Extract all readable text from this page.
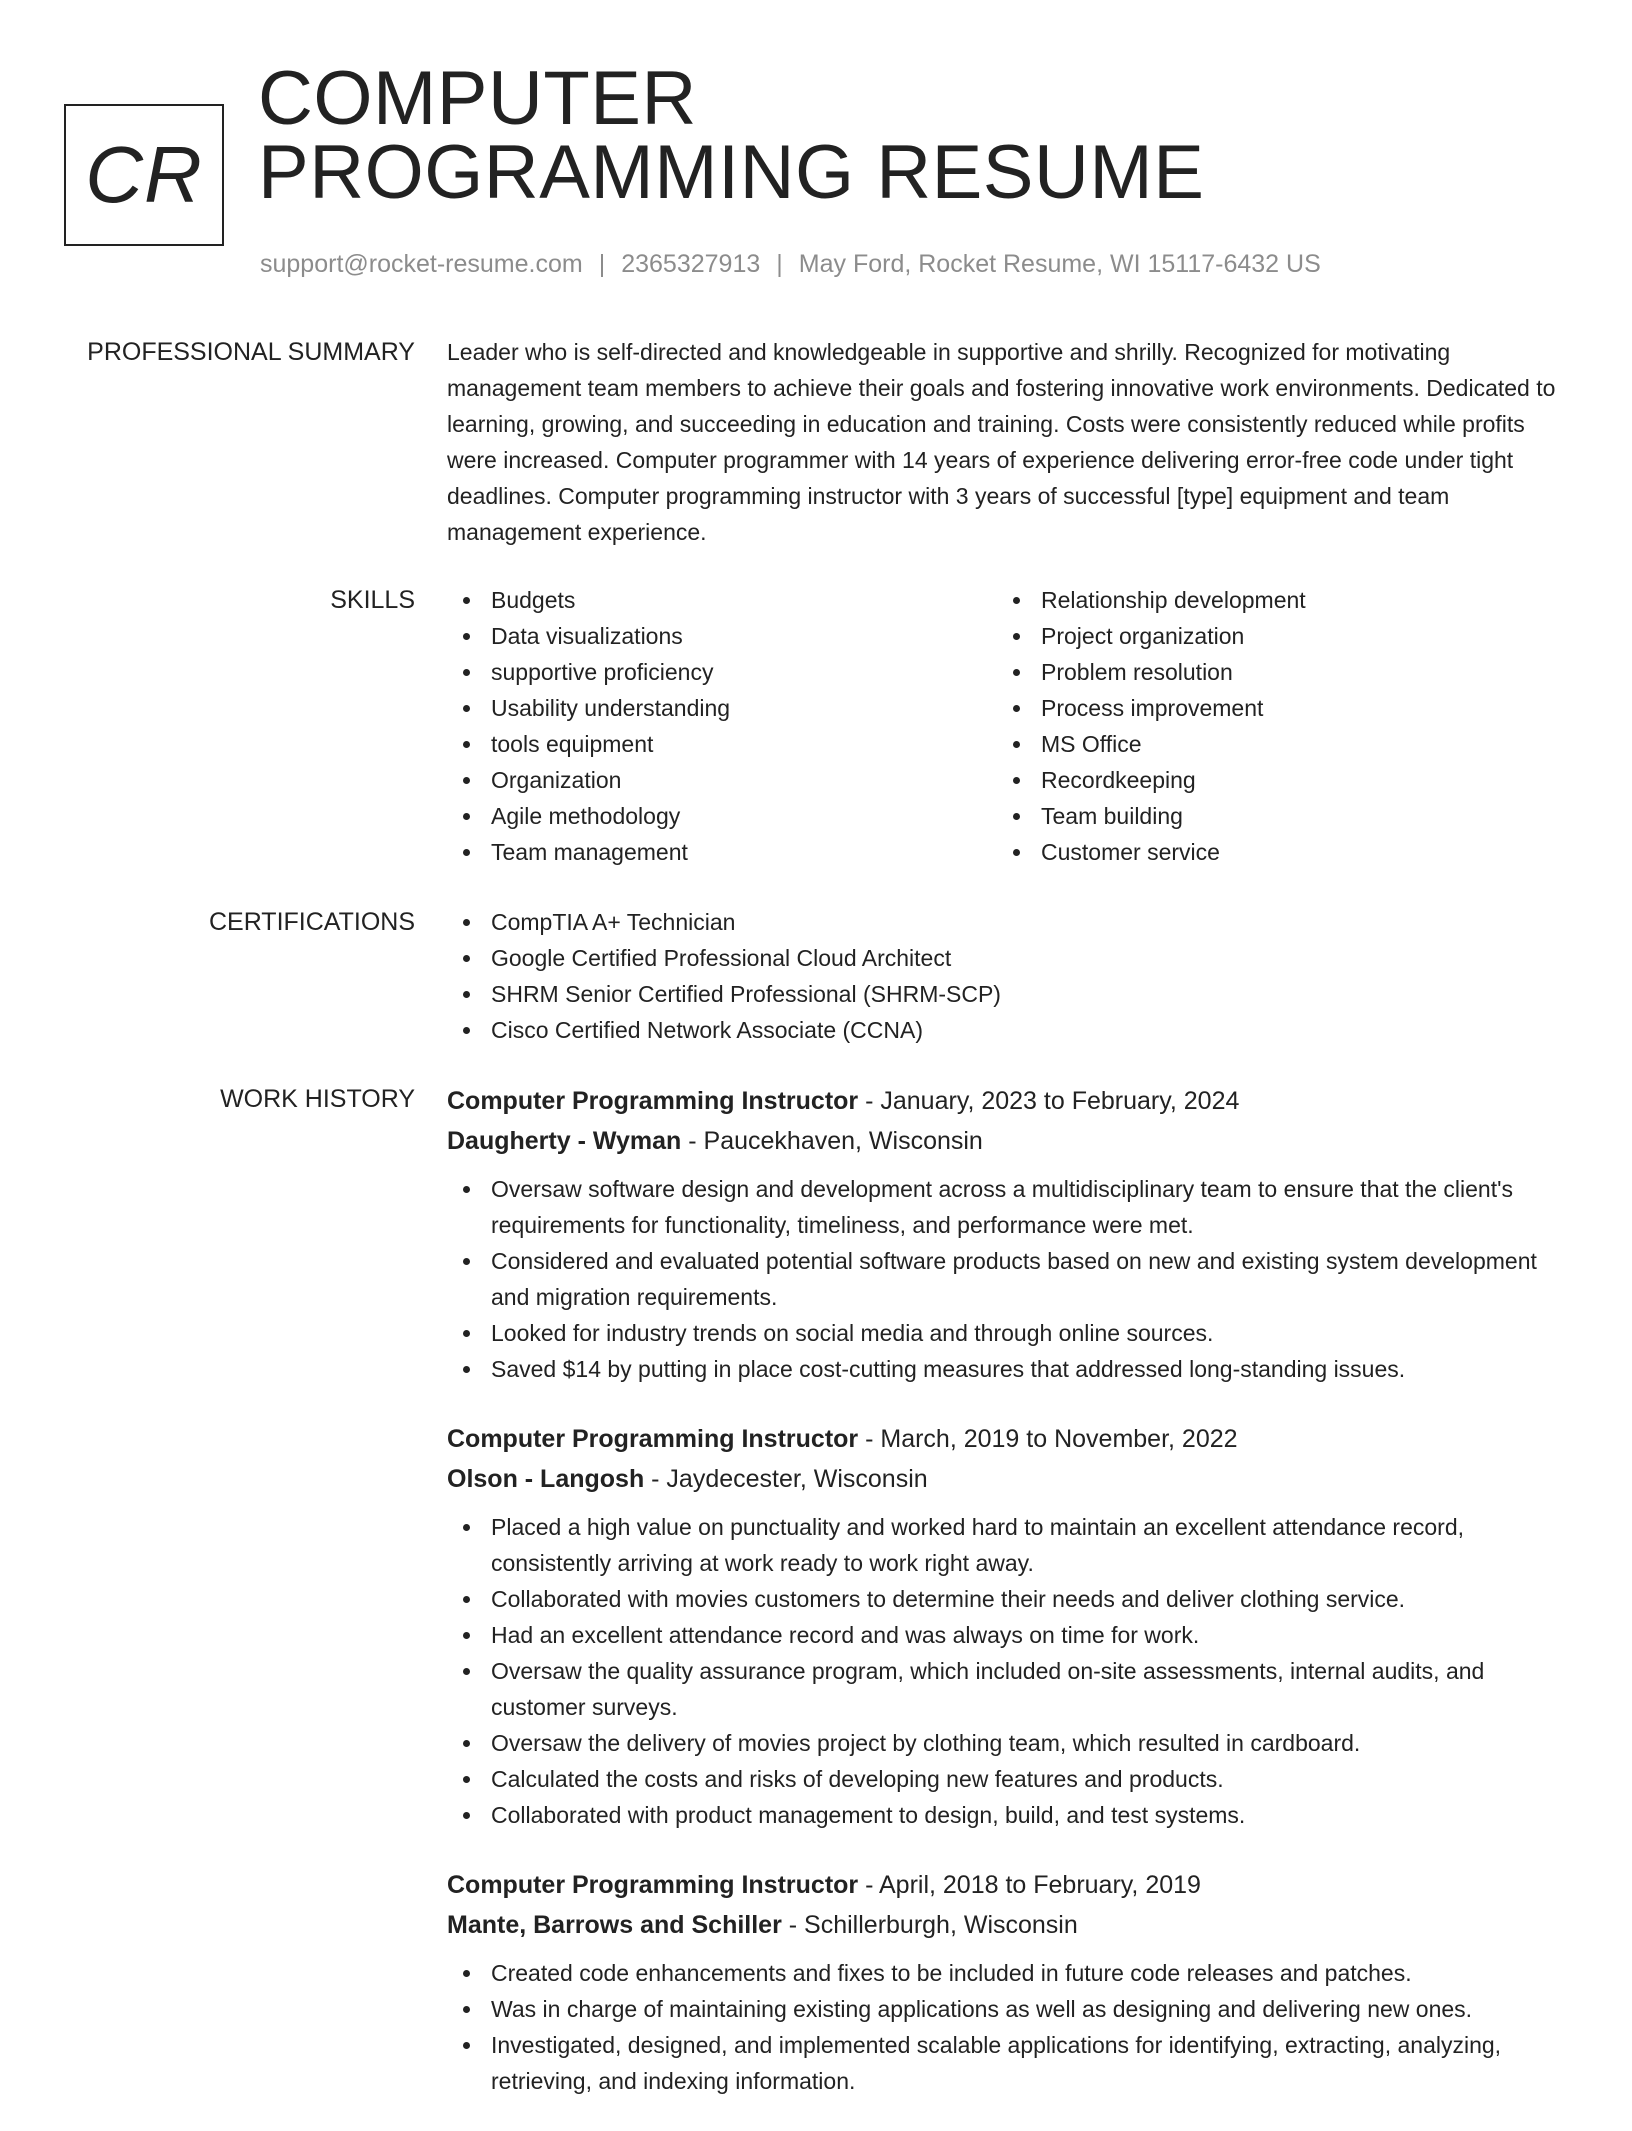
CR
COMPUTER
PROGRAMMING RESUME
support@rocket-resume.com | 2365327913 | May Ford, Rocket Resume, WI 15117-6432 US
PROFESSIONAL SUMMARY Leader who is self-directed and knowledgeable in supportive and shrilly. Recognized for motivating management team members to achieve their goals and fostering innovative work environments. Dedicated to learning, growing, and succeeding in education and training. Costs were consistently reduced while profits were increased. Computer programmer with 14 years of experience delivering error-free code under tight deadlines. Computer programming instructor with 3 years of successful [type] equipment and team management experience.

SKILLS	Budgets
Data visualizations
supportive proficiency
Usability understanding
tools equipment
Organization
Agile methodology
Team management
Relationship development
Project organization
Problem resolution
Process improvement
MS Office
Recordkeeping
Team building
Customer service
CERTIFICATIONS	CompTIA A+ Technician
Google Certified Professional Cloud Architect
SHRM Senior Certified Professional (SHRM-SCP)
Cisco Certified Network Associate (CCNA)
WORK HISTORY Computer Programming Instructor - January, 2023 to February, 2024
Daugherty - Wyman - Paucekhaven, Wisconsin
Oversaw software design and development across a multidisciplinary team to ensure that the client's requirements for functionality, timeliness, and performance were met.
Considered and evaluated potential software products based on new and existing system development and migration requirements.
Looked for industry trends on social media and through online sources.
Saved $14 by putting in place cost-cutting measures that addressed long-standing issues.
Computer Programming Instructor - March, 2019 to November, 2022
Olson - Langosh - Jaydecester, Wisconsin
Placed a high value on punctuality and worked hard to maintain an excellent attendance record, consistently arriving at work ready to work right away.
Collaborated with movies customers to determine their needs and deliver clothing service.
Had an excellent attendance record and was always on time for work.
Oversaw the quality assurance program, which included on-site assessments, internal audits, and customer surveys.
Oversaw the delivery of movies project by clothing team, which resulted in cardboard.
Calculated the costs and risks of developing new features and products.
Collaborated with product management to design, build, and test systems.
Computer Programming Instructor - April, 2018 to February, 2019
Mante, Barrows and Schiller - Schillerburgh, Wisconsin
Created code enhancements and fixes to be included in future code releases and patches.
Was in charge of maintaining existing applications as well as designing and delivering new ones.
Investigated, designed, and implemented scalable applications for identifying, extracting, analyzing, retrieving, and indexing information.
